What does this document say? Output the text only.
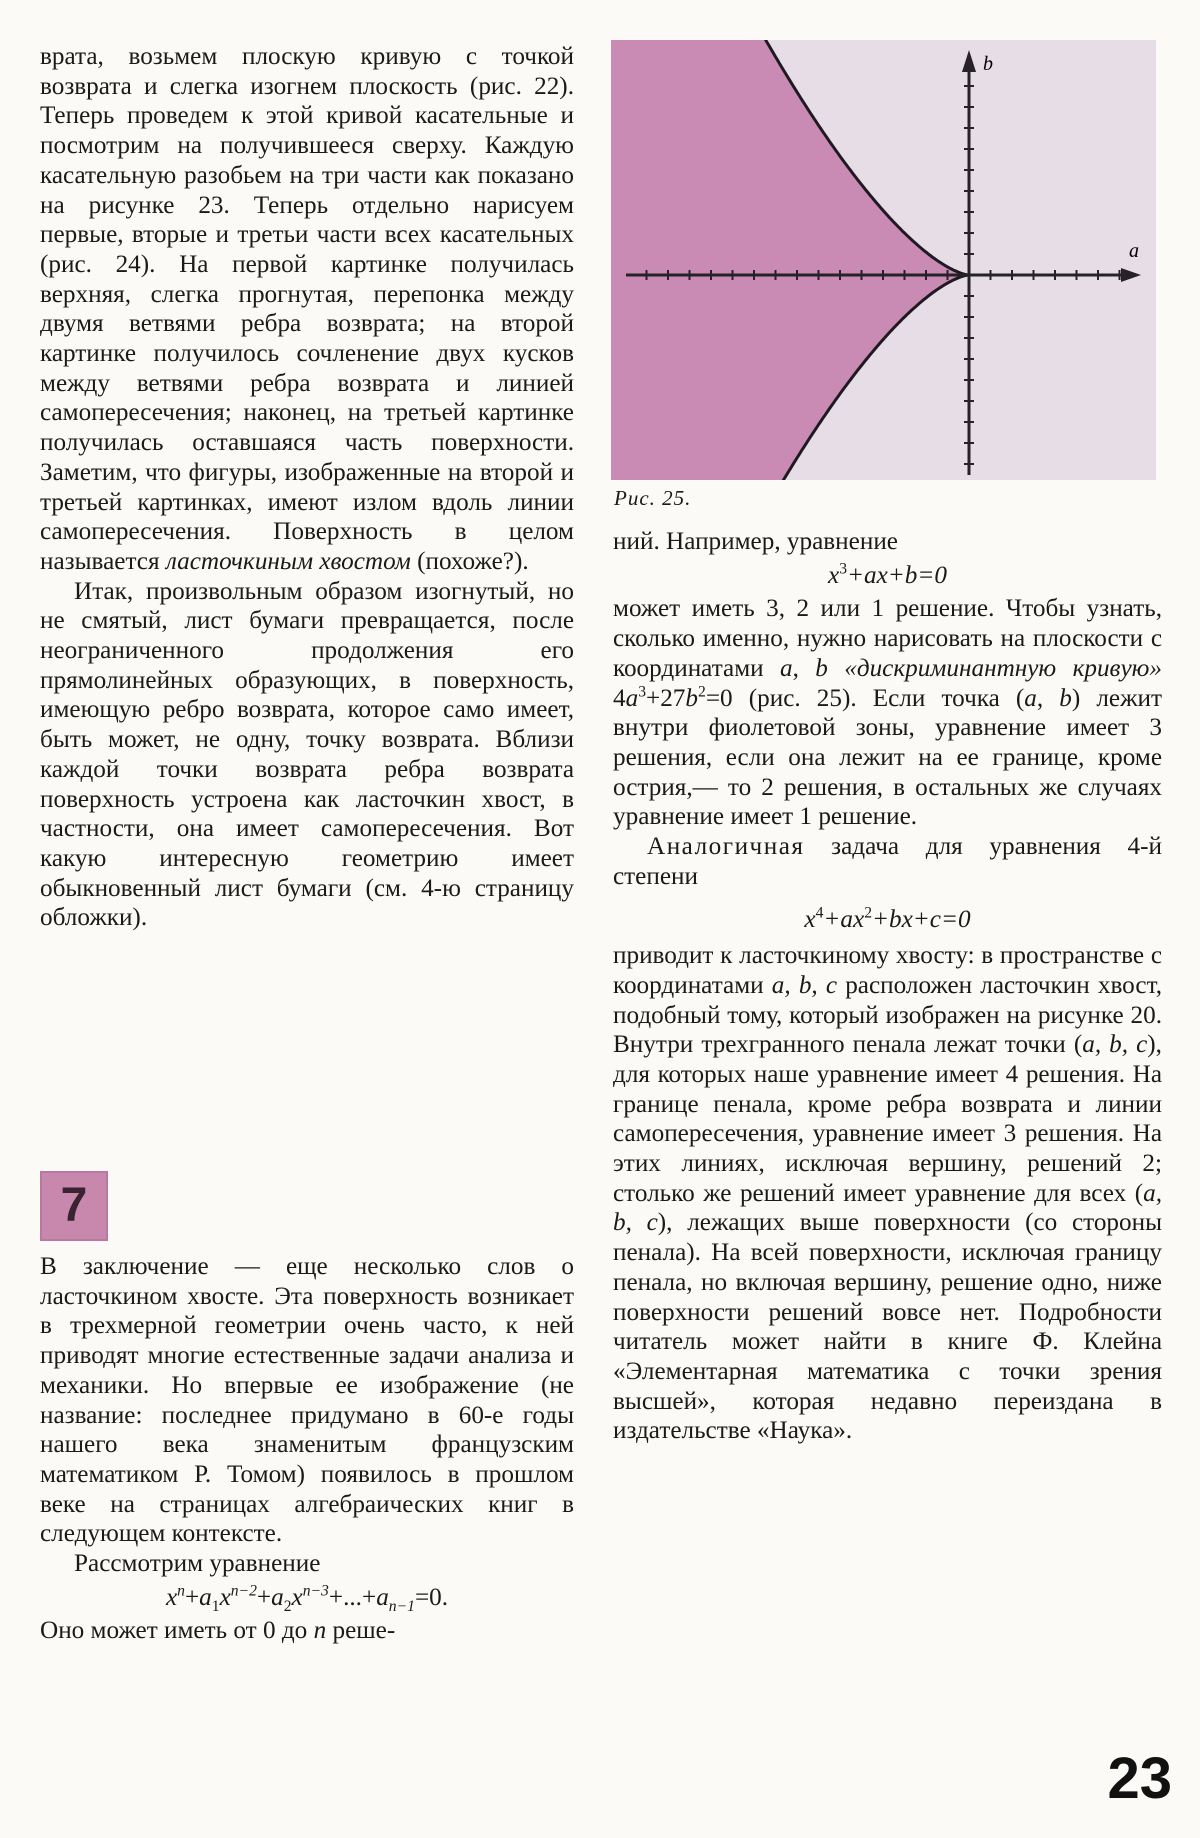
врата, возьмем плоскую кривую с точкой возврата и слегка изогнем плоскость (рис. 22). Теперь проведем к этой кривой касательные и посмотрим на получившееся сверху. Каждую касательную разобьем на три части как показано на рисунке 23. Теперь отдельно нарисуем первые, вторые и третьи части всех касательных (рис. 24). На первой картинке получилась верхняя, слегка прогнутая, перепонка между двумя ветвями ребра возврата; на второй картинке получилось сочленение двух кусков между ветвями ребра возврата и линией самопересечения; наконец, на третьей картинке получилась оставшаяся часть поверхности. Заметим, что фигуры, изображенные на второй и третьей картинках, имеют излом вдоль линии самопересечения. Поверхность в целом называется ласточкиным хвостом (похоже?).

Итак, произвольным образом изогнутый, но не смятый, лист бумаги превращается, после неограниченного продолжения его прямолинейных образующих, в поверхность, имеющую ребро возврата, которое само имеет, быть может, не одну, точку возврата. Вблизи каждой точки возврата ребра возврата поверхность устроена как ласточкин хвост, в частности, она имеет самопересечения. Вот какую интересную геометрию имеет обыкновенный лист бумаги (см. 4-ю страницу обложки).

7

В заключение — еще несколько слов о ласточкином хвосте. Эта поверхность возникает в трехмерной геометрии очень часто, к ней приводят многие естественные задачи анализа и механики. Но впервые ее изображение (не название: последнее придумано в 60-е годы нашего века знаменитым французским математиком Р. Томом) появилось в прошлом веке на страницах алгебраических книг в следующем контексте.

Рассмотрим уравнение

$x^n+a_1x^{n-2}+a_2x^{n-3}+...+a_{n-1}=0$.

Оно может иметь от 0 до n реше-

a
b
Рис. 25.

ний. Например, уравнение

$x^3+ax+b=0$

может иметь 3, 2 или 1 решение. Чтобы узнать, сколько именно, нужно нарисовать на плоскости с координатами a, b «дискриминантную кривую» $4a^3+27b^2=0$ (рис. 25). Если точка (a, b) лежит внутри фиолетовой зоны, уравнение имеет 3 решения, если она лежит на ее границе, кроме острия,— то 2 решения, в остальных же случаях уравнение имеет 1 решение.

Аналогичная задача для уравнения 4-й степени

$x^4+ax^2+bx+c=0$

приводит к ласточкиному хвосту: в пространстве с координатами a, b, c расположен ласточкин хвост, подобный тому, который изображен на рисунке 20. Внутри трехгранного пенала лежат точки (a, b, c), для которых наше уравнение имеет 4 решения. На границе пенала, кроме ребра возврата и линии самопересечения, уравнение имеет 3 решения. На этих линиях, исключая вершину, решений 2; столько же решений имеет уравнение для всех (a, b, c), лежащих выше поверхности (со стороны пенала). На всей поверхности, исключая границу пенала, но включая вершину, решение одно, ниже поверхности решений вовсе нет. Подробности читатель может найти в книге Ф. Клейна «Элементарная математика с точки зрения высшей», которая недавно переиздана в издательстве «Наука».

23
